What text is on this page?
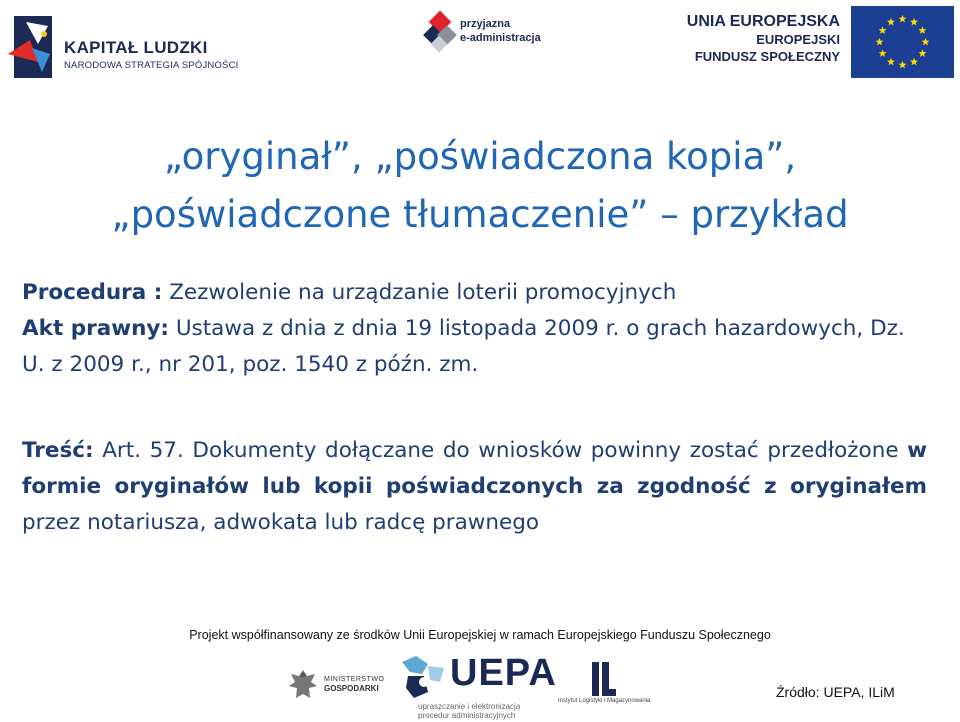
KAPITAŁ LUDZKI
NARODOWA STRATEGIA SPÓJNOŚCI
przyjazna
e-administracja
UNIA EUROPEJSKA
EUROPEJSKI
FUNDUSZ SPOŁECZNY
„oryginał”, „poświadczona kopia”,
„poświadczone tłumaczenie” – przykład
Procedura : Zezwolenie na urządzanie loterii promocyjnych
Akt prawny: Ustawa z dnia z dnia 19 listopada 2009 r. o grach hazardowych, Dz. U. z 2009 r., nr 201, poz. 1540 z późn. zm.
Treść: Art. 57. Dokumenty dołączane do wniosków powinny zostać przedłożone w formie oryginałów lub kopii poświadczonych za zgodność z oryginałem przez notariusza, adwokata lub radcę prawnego
Projekt współfinansowany ze środków Unii Europejskiej w ramach Europejskiego Funduszu Społecznego
MINISTERSTWO
GOSPODARKI UEPA
upraszczanie i elektronizacja
procedur administracyjnych
Instytut Logistyki i Magazynowania
Źródło: UEPA, ILiM
